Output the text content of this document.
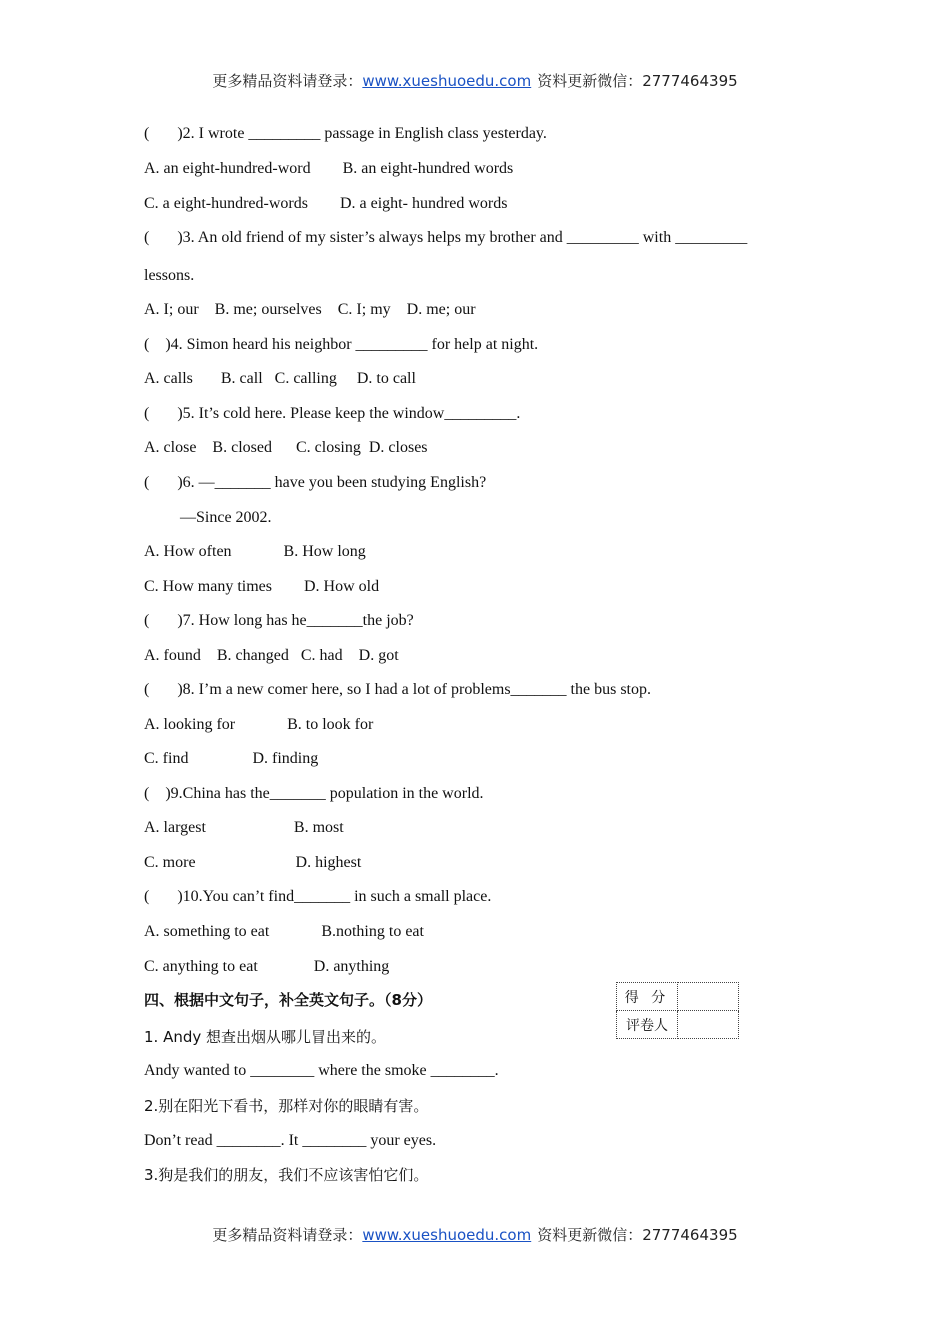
更多精品资料请登录：www.xueshuoedu.com 资料更新微信：2777464395
(       )2. I wrote _________ passage in English class yesterday.
A. an eight-hundred-word        B. an eight-hundred words
C. a eight-hundred-words        D. a eight- hundred words
(       )3. An old friend of my sister’s always helps my brother and _________ with _________
lessons.
A. I; our    B. me; ourselves    C. I; my    D. me; our
(    )4. Simon heard his neighbor _________ for help at night.
A. calls       B. call   C. calling     D. to call
(       )5. It’s cold here. Please keep the window_________.
A. close    B. closed      C. closing  D. closes
(       )6. —_______ have you been studying English?
—Since 2002.
A. How often             B. How long
C. How many times        D. How old
(       )7. How long has he_______the job?
A. found    B. changed   C. had    D. got
(       )8. I’m a new comer here, so I had a lot of problems_______ the bus stop.
A. looking for             B. to look for
C. find                D. finding
(    )9.China has the_______ population in the world.
A. largest                      B. most
C. more                         D. highest
(       )10.You can’t find_______ in such a small place.
A. something to eat             B.nothing to eat
C. anything to eat              D. anything
四、根据中文句子，补全英文句子。（8分）
1. Andy 想查出烟从哪儿冒出来的。
Andy wanted to ________ where the smoke ________.
2.别在阳光下看书，那样对你的眼睛有害。
Don’t read ________. It ________ your eyes.
3.狗是我们的朋友，我们不应该害怕它们。
得 分	
评卷人	
更多精品资料请登录：www.xueshuoedu.com 资料更新微信：2777464395
